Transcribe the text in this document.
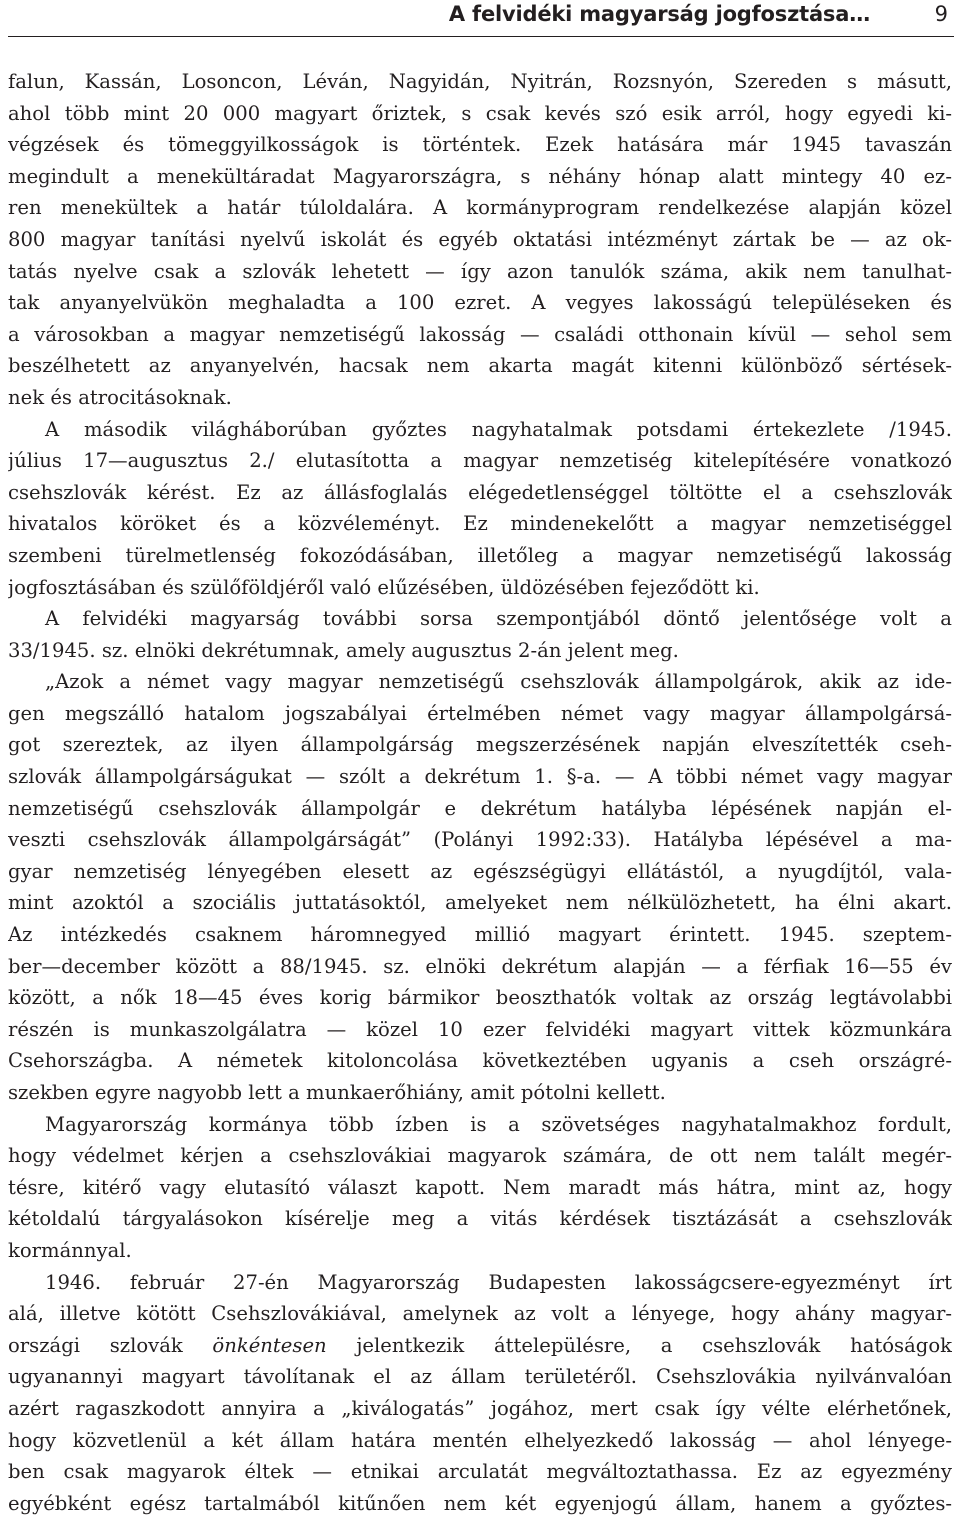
A felvidéki magyarság jogfosztása…	9
falun, Kassán, Losoncon, Léván, Nagyidán, Nyitrán, Rozsnyón, Szereden s másutt,
ahol több mint 20 000 magyart őriztek, s csak kevés szó esik arról, hogy egyedi ki-
végzések és tömeggyilkosságok is történtek. Ezek hatására már 1945 tavaszán
megindult a menekültáradat Magyarországra, s néhány hónap alatt mintegy 40 ez-
ren menekültek a határ túloldalára. A kormányprogram rendelkezése alapján közel
800 magyar tanítási nyelvű iskolát és egyéb oktatási intézményt zártak be — az ok-
tatás nyelve csak a szlovák lehetett — így azon tanulók száma, akik nem tanulhat-
tak anyanyelvükön meghaladta a 100 ezret. A vegyes lakosságú településeken és
a városokban a magyar nemzetiségű lakosság — családi otthonain kívül — sehol sem
beszélhetett az anyanyelvén, hacsak nem akarta magát kitenni különböző sértések-
nek és atrocitásoknak.
A második világháborúban győztes nagyhatalmak potsdami értekezlete /1945.
július 17—augusztus 2./ elutasította a magyar nemzetiség kitelepítésére vonatkozó
csehszlovák kérést. Ez az állásfoglalás elégedetlenséggel töltötte el a csehszlovák
hivatalos köröket és a közvéleményt. Ez mindenekelőtt a magyar nemzetiséggel
szembeni türelmetlenség fokozódásában, illetőleg a magyar nemzetiségű lakosság
jogfosztásában és szülőföldjéről való elűzésében, üldözésében fejeződött ki.
A felvidéki magyarság további sorsa szempontjából döntő jelentősége volt a
33/1945. sz. elnöki dekrétumnak, amely augusztus 2-án jelent meg.
„Azok a német vagy magyar nemzetiségű csehszlovák állampolgárok, akik az ide-
gen megszálló hatalom jogszabályai értelmében német vagy magyar állampolgársá-
got szereztek, az ilyen állampolgárság megszerzésének napján elveszítették cseh-
szlovák állampolgárságukat — szólt a dekrétum 1. §-a. — A többi német vagy magyar
nemzetiségű csehszlovák állampolgár e dekrétum hatályba lépésének napján el-
veszti csehszlovák állampolgárságát” (Polányi 1992:33). Hatályba lépésével a ma-
gyar nemzetiség lényegében elesett az egészségügyi ellátástól, a nyugdíjtól, vala-
mint azoktól a szociális juttatásoktól, amelyeket nem nélkülözhetett, ha élni akart.
Az intézkedés csaknem háromnegyed millió magyart érintett. 1945. szeptem-
ber—december között a 88/1945. sz. elnöki dekrétum alapján — a férfiak 16—55 év
között, a nők 18—45 éves korig bármikor beoszthatók voltak az ország legtávolabbi
részén is munkaszolgálatra — közel 10 ezer felvidéki magyart vittek közmunkára
Csehországba. A németek kitoloncolása következtében ugyanis a cseh országré-
szekben egyre nagyobb lett a munkaerőhiány, amit pótolni kellett.
Magyarország kormánya több ízben is a szövetséges nagyhatalmakhoz fordult,
hogy védelmet kérjen a csehszlovákiai magyarok számára, de ott nem talált megér-
tésre, kitérő vagy elutasító választ kapott. Nem maradt más hátra, mint az, hogy
kétoldalú tárgyalásokon kísérelje meg a vitás kérdések tisztázását a csehszlovák
kormánnyal.
1946. február 27-én Magyarország Budapesten lakosságcsere-egyezményt írt
alá, illetve kötött Csehszlovákiával, amelynek az volt a lényege, hogy ahány magyar-
országi szlovák önkéntesen jelentkezik áttelepülésre, a csehszlovák hatóságok
ugyanannyi magyart távolítanak el az állam területéről. Csehszlovákia nyilvánvalóan
azért ragaszkodott annyira a „kiválogatás” jogához, mert csak így vélte elérhetőnek,
hogy közvetlenül a két állam határa mentén elhelyezkedő lakosság — ahol lényege-
ben csak magyarok éltek — etnikai arculatát megváltoztathassa. Ez az egyezmény
egyébként egész tartalmából kitűnően nem két egyenjogú állam, hanem a győztes-
